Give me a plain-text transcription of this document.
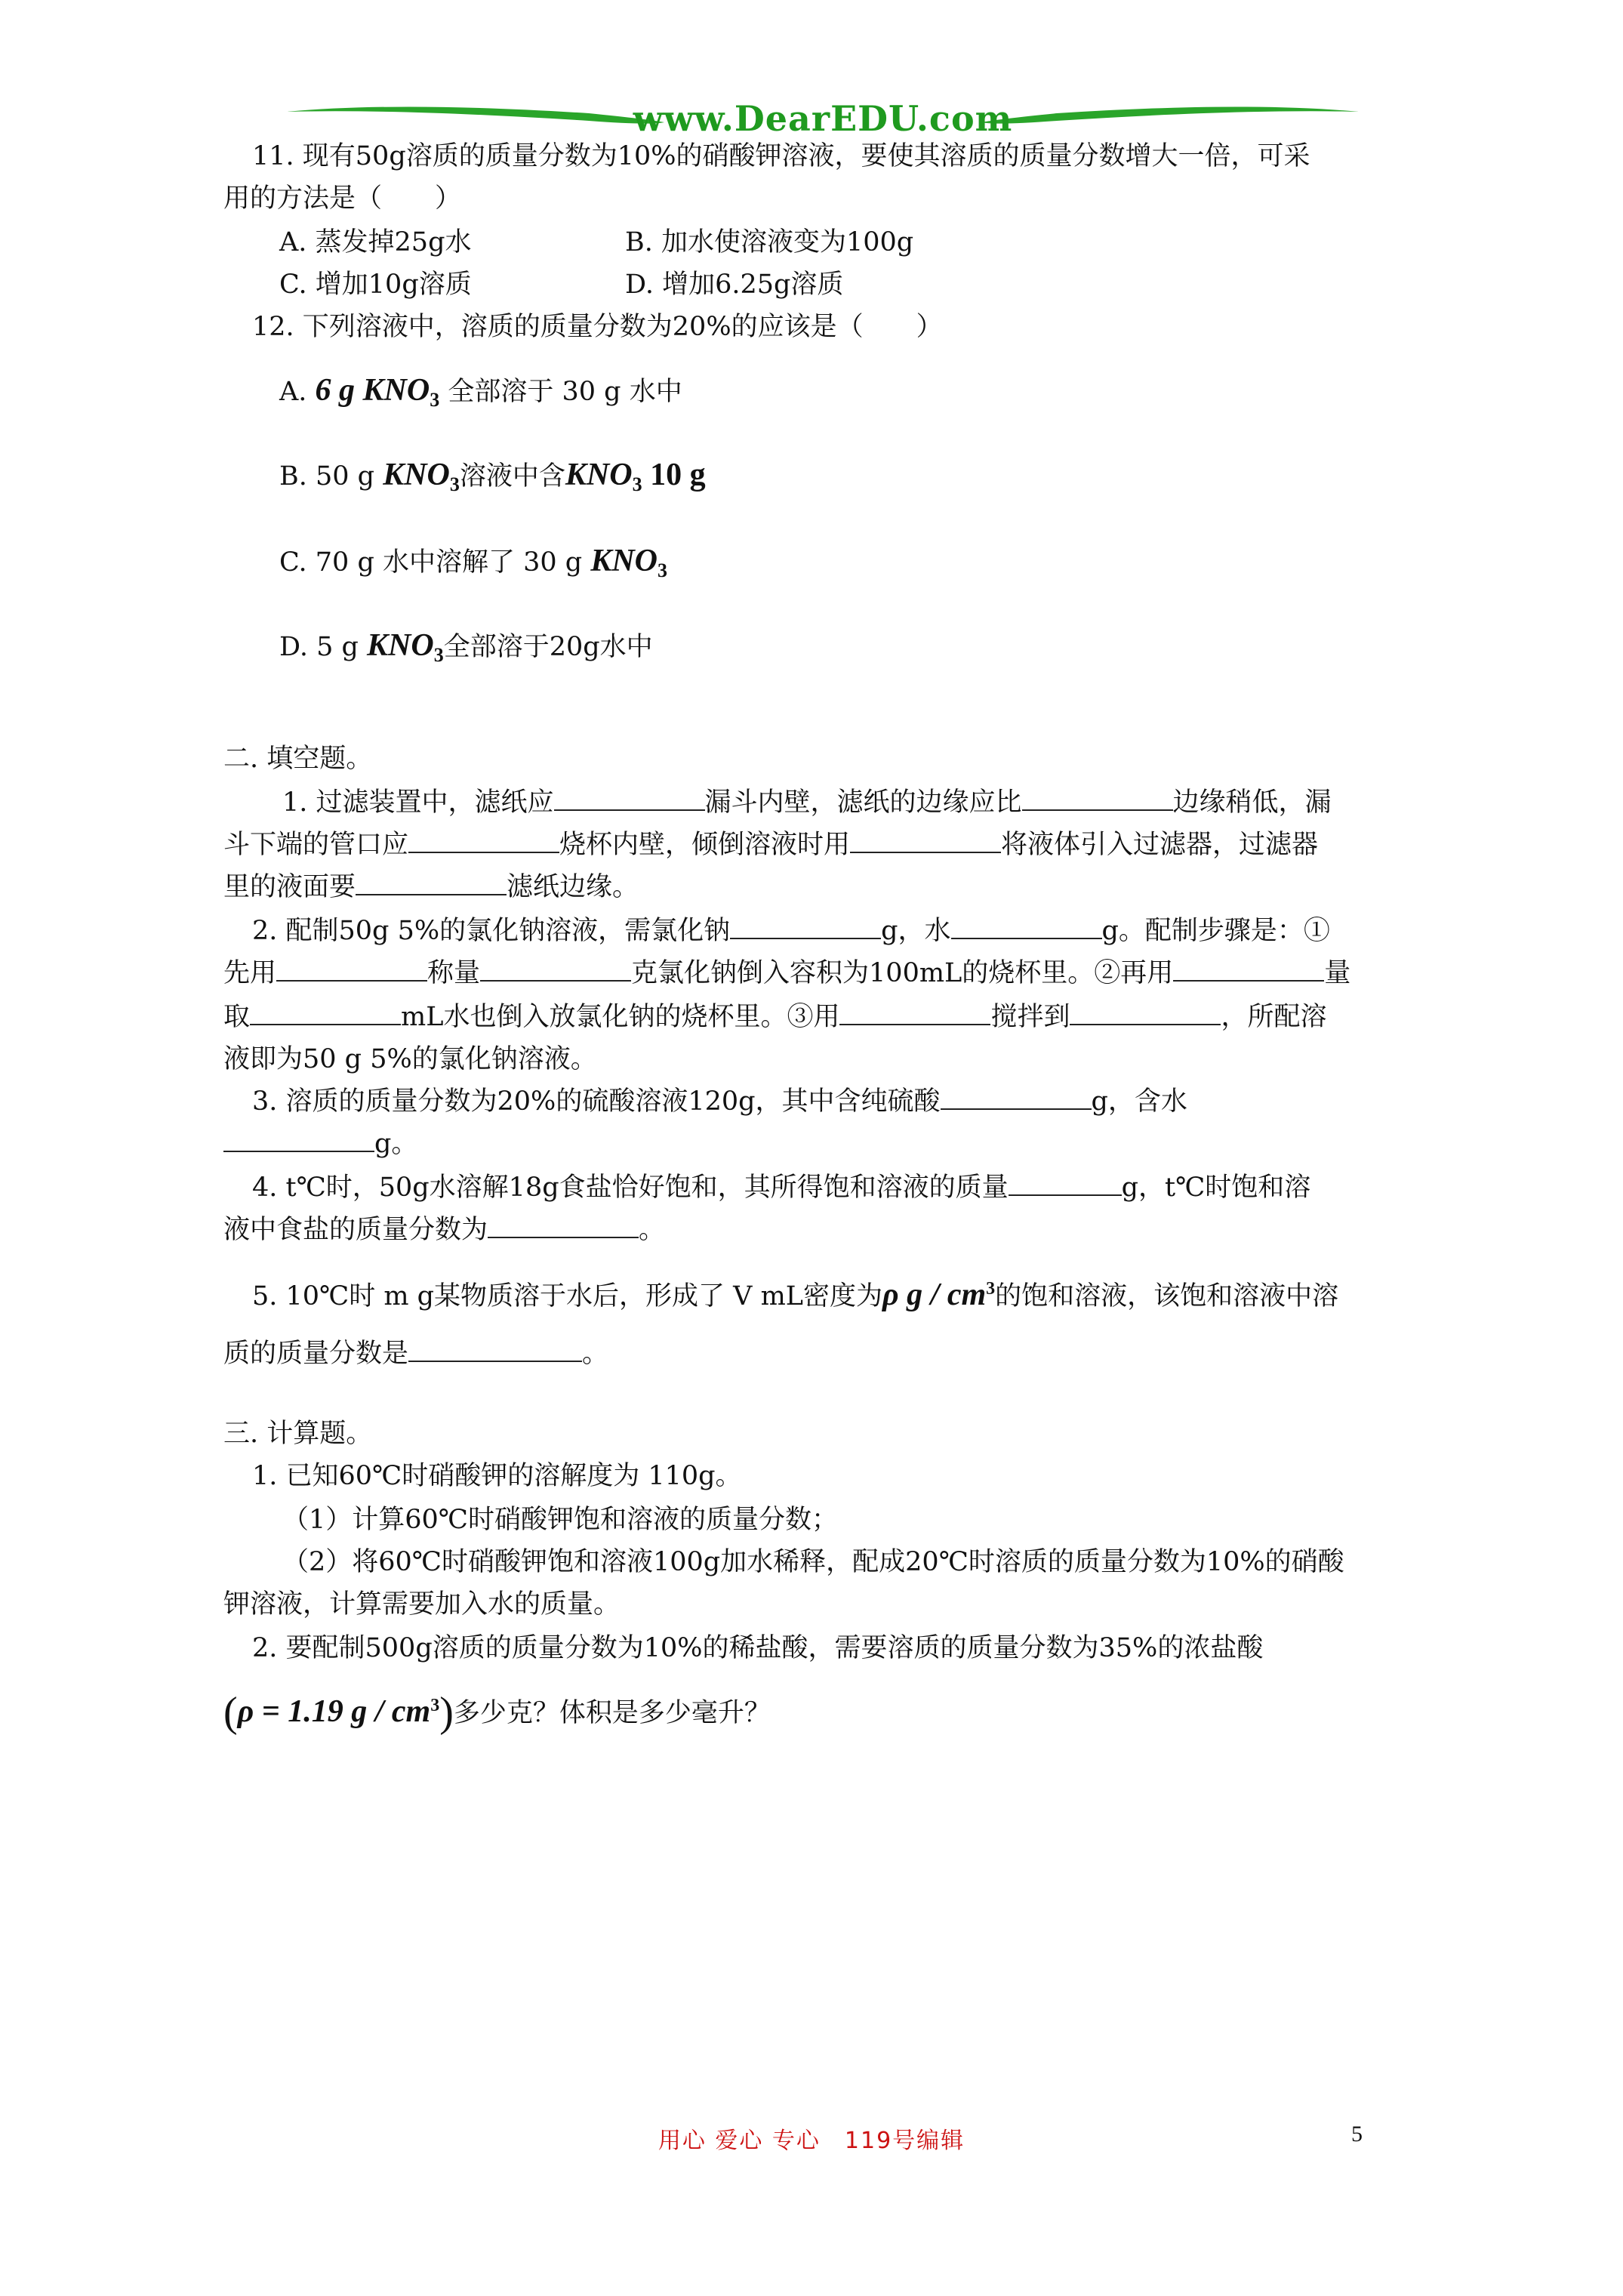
www.DearEDU.com
11. 现有50g溶质的质量分数为10%的硝酸钾溶液，要使其溶质的质量分数增大一倍，可采
用的方法是（　　）
A. 蒸发掉25g水	B. 加水使溶液变为100g
C. 增加10g溶质	D. 增加6.25g溶质
12. 下列溶液中，溶质的质量分数为20%的应该是（　　）
A. 6 g $KNO_3$ 全部溶于 30 g 水中
B. 50 g $KNO_3$溶液中含$KNO_3$ 10 g
C. 70 g 水中溶解了 30 g $KNO_3$
D. 5 g $KNO_3$全部溶于20g水中
二. 填空题。
1. 过滤装置中，滤纸应	漏斗内壁，滤纸的边缘应比	边缘稍低，漏
斗下端的管口应	烧杯内壁，倾倒溶液时用	将液体引入过滤器，过滤器
里的液面要	滤纸边缘。
2. 配制50g 5%的氯化钠溶液，需氯化钠	g，水	g。配制步骤是：①
先用	称量	克氯化钠倒入容积为100mL的烧杯里。②再用	量
取	mL水也倒入放氯化钠的烧杯里。③用	搅拌到	，所配溶
液即为50 g 5%的氯化钠溶液。
3. 溶质的质量分数为20%的硫酸溶液120g，其中含纯硫酸	g，含水
g。
4. t℃时，50g水溶解18g食盐恰好饱和，其所得饱和溶液的质量	g，t℃时饱和溶
液中食盐的质量分数为	。
5. 10℃时 m g某物质溶于水后，形成了 V mL密度为ρ g / $cm^3$的饱和溶液，该饱和溶液中溶
质的质量分数是	。
三. 计算题。
1. 已知60℃时硝酸钾的溶解度为 110g。
（1）计算60℃时硝酸钾饱和溶液的质量分数；
（2）将60℃时硝酸钾饱和溶液100g加水稀释，配成20℃时溶质的质量分数为10%的硝酸
钾溶液，计算需要加入水的质量。
2. 要配制500g溶质的质量分数为10%的稀盐酸，需要溶质的质量分数为35%的浓盐酸
(ρ = 1.19 g / $cm^3$)多少克？体积是多少毫升？
用心 爱心 专心　119号编辑	5
